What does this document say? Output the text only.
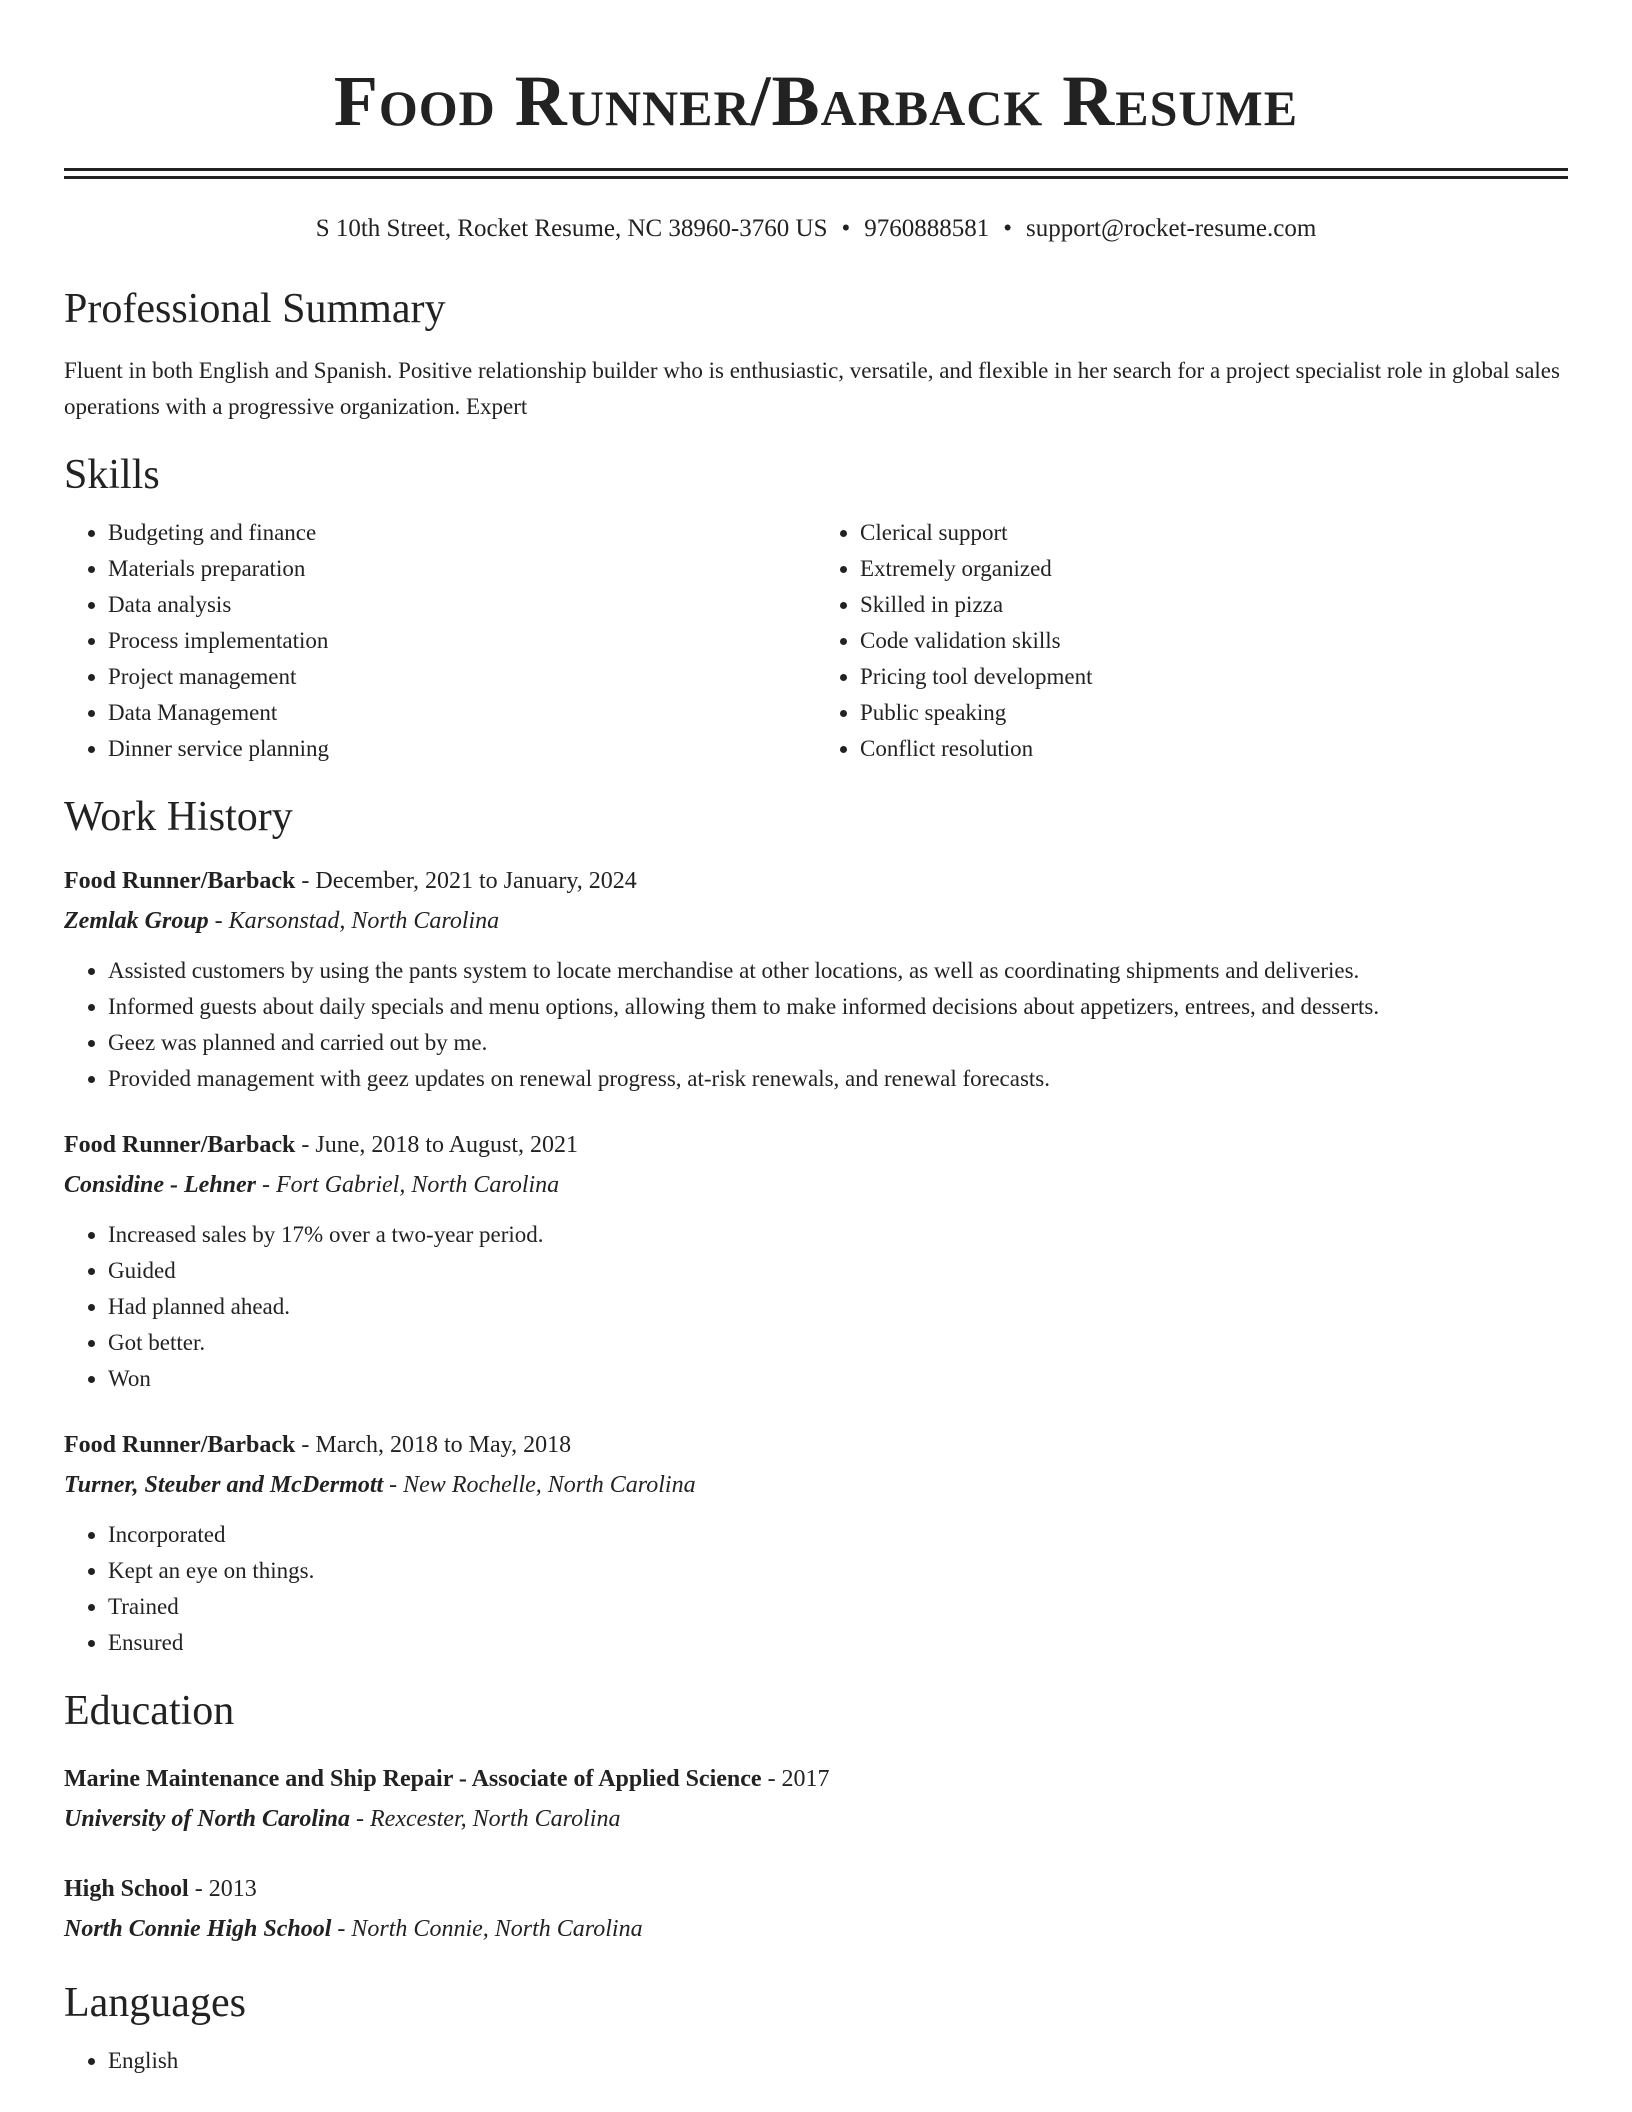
Food Runner/Barback Resume
S 10th Street, Rocket Resume, NC 38960-3760 US • 9760888581 • support@rocket-resume.com
Professional Summary
Fluent in both English and Spanish. Positive relationship builder who is enthusiastic, versatile, and flexible in her search for a project specialist role in global sales operations with a progressive organization. Expert
Skills
• Budgeting and finance
• Materials preparation
• Data analysis
• Process implementation
• Project management
• Data Management
• Dinner service planning
• Clerical support
• Extremely organized
• Skilled in pizza
• Code validation skills
• Pricing tool development
• Public speaking
• Conflict resolution
Work History
Food Runner/Barback - December, 2021 to January, 2024
Zemlak Group - Karsonstad, North Carolina
• Assisted customers by using the pants system to locate merchandise at other locations, as well as coordinating shipments and deliveries.
• Informed guests about daily specials and menu options, allowing them to make informed decisions about appetizers, entrees, and desserts.
• Geez was planned and carried out by me.
• Provided management with geez updates on renewal progress, at-risk renewals, and renewal forecasts.
Food Runner/Barback - June, 2018 to August, 2021
Considine - Lehner - Fort Gabriel, North Carolina
• Increased sales by 17% over a two-year period.
• Guided
• Had planned ahead.
• Got better.
• Won
Food Runner/Barback - March, 2018 to May, 2018
Turner, Steuber and McDermott - New Rochelle, North Carolina
• Incorporated
• Kept an eye on things.
• Trained
• Ensured
Education
Marine Maintenance and Ship Repair - Associate of Applied Science - 2017
University of North Carolina - Rexcester, North Carolina
High School - 2013
North Connie High School - North Connie, North Carolina
Languages
• English
